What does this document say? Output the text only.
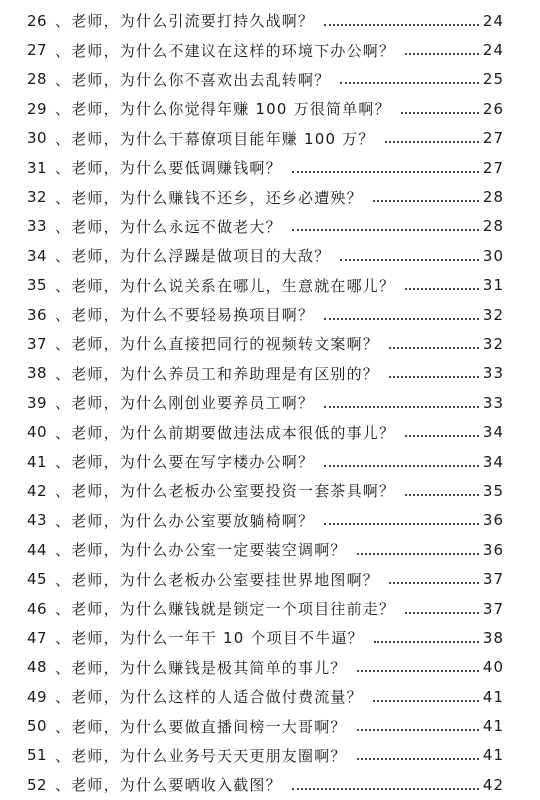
26 、老师，为什么引流要打持久战啊？	24
27 、老师，为什么不建议在这样的环境下办公啊？	24
28 、老师，为什么你不喜欢出去乱转啊？	25
29 、老师，为什么你觉得年赚 100 万很简单啊？	26
30 、老师，为什么干幕僚项目能年赚 100 万？	27
31 、老师，为什么要低调赚钱啊？	27
32 、老师，为什么赚钱不还乡，还乡必遭殃？	28
33 、老师，为什么永远不做老大？	28
34 、老师，为什么浮躁是做项目的大敌？	30
35 、老师，为什么说关系在哪儿，生意就在哪儿？	31
36 、老师，为什么不要轻易换项目啊？	32
37 、老师，为什么直接把同行的视频转文案啊？	32
38 、老师，为什么养员工和养助理是有区别的？	33
39 、老师，为什么刚创业要养员工啊？	33
40 、老师，为什么前期要做违法成本很低的事儿？	34
41 、老师，为什么要在写字楼办公啊？	34
42 、老师，为什么老板办公室要投资一套茶具啊？	35
43 、老师，为什么办公室要放躺椅啊？	36
44 、老师，为什么办公室一定要装空调啊？	36
45 、老师，为什么老板办公室要挂世界地图啊？	37
46 、老师，为什么赚钱就是锁定一个项目往前走？	37
47 、老师，为什么一年干 10 个项目不牛逼？	38
48 、老师，为什么赚钱是极其简单的事儿？	40
49 、老师，为什么这样的人适合做付费流量？	41
50 、老师，为什么要做直播间榜一大哥啊？	41
51 、老师，为什么业务号天天更朋友圈啊？	41
52 、老师，为什么要晒收入截图？	42
